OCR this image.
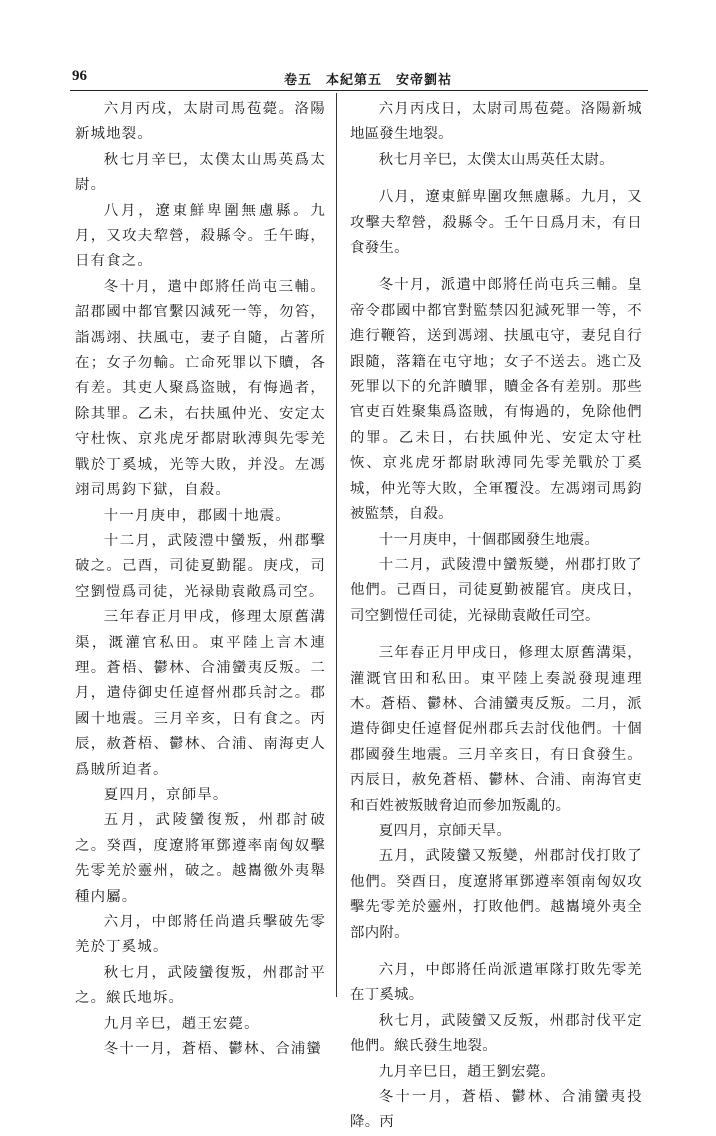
96	卷五　本紀第五　安帝劉祜

六月丙戌，太尉司馬苞薨。洛陽新城地裂。

秋七月辛巳，太僕太山馬英爲太尉。

八月，遼東鮮卑圍無慮縣。九月，又攻夫犂營，殺縣令。壬午晦，日有食之。

冬十月，遣中郎將任尚屯三輔。詔郡國中都官繫囚減死一等，勿笞，詣馮翊、扶風屯，妻子自隨，占著所在；女子勿輸。亡命死罪以下贖，各有差。其吏人聚爲盗賊，有悔過者，除其罪。乙未，右扶風仲光、安定太守杜恢、京兆虎牙都尉耿溥與先零羌戰於丁奚城，光等大敗，并没。左馮翊司馬鈞下獄，自殺。

十一月庚申，郡國十地震。

十二月，武陵澧中蠻叛，州郡擊破之。己酉，司徒夏勤罷。庚戌，司空劉愷爲司徒，光禄勛袁敞爲司空。

三年春正月甲戌，修理太原舊溝渠，溉灌官私田。東平陸上言木連理。蒼梧、鬱林、合浦蠻夷反叛。二月，遣侍御史任逴督州郡兵討之。郡國十地震。三月辛亥，日有食之。丙辰，赦蒼梧、鬱林、合浦、南海吏人爲賊所迫者。

夏四月，京師旱。

五月，武陵蠻復叛，州郡討破之。癸酉，度遼將軍鄧遵率南匈奴擊先零羌於靈州，破之。越巂徼外夷舉種内屬。

六月，中郎將任尚遣兵擊破先零羌於丁奚城。

秋七月，武陵蠻復叛，州郡討平之。緱氏地坼。

九月辛巳，趙王宏薨。

冬十一月，蒼梧、鬱林、合浦蠻

六月丙戌日，太尉司馬苞薨。洛陽新城地區發生地裂。

秋七月辛巳，太僕太山馬英任太尉。

八月，遼東鮮卑圍攻無慮縣。九月，又攻擊夫犂營，殺縣令。壬午日爲月末，有日食發生。

冬十月，派遣中郎將任尚屯兵三輔。皇帝令郡國中都官對監禁囚犯減死罪一等，不進行鞭笞，送到馮翊、扶風屯守，妻兒自行跟隨，落籍在屯守地；女子不送去。逃亡及死罪以下的允許贖罪，贖金各有差别。那些官吏百姓聚集爲盗賊，有悔過的，免除他們的罪。乙未日，右扶風仲光、安定太守杜恢、京兆虎牙都尉耿溥同先零羌戰於丁奚城，仲光等大敗，全軍覆没。左馮翊司馬鈞被監禁，自殺。

十一月庚申，十個郡國發生地震。

十二月，武陵澧中蠻叛變，州郡打敗了他們。己酉日，司徒夏勤被罷官。庚戌日，司空劉愷任司徒，光禄勛袁敞任司空。

三年春正月甲戌日，修理太原舊溝渠，灌溉官田和私田。東平陸上奏説發現連理木。蒼梧、鬱林、合浦蠻夷反叛。二月，派遣侍御史任逴督促州郡兵去討伐他們。十個郡國發生地震。三月辛亥日，有日食發生。丙辰日，赦免蒼梧、鬱林、合浦、南海官吏和百姓被叛賊脅迫而參加叛亂的。

夏四月，京師天旱。

五月，武陵蠻又叛變，州郡討伐打敗了他們。癸酉日，度遼將軍鄧遵率領南匈奴攻擊先零羌於靈州，打敗他們。越巂境外夷全部内附。

六月，中郎將任尚派遣軍隊打敗先零羌在丁奚城。

秋七月，武陵蠻又反叛，州郡討伐平定他們。緱氏發生地裂。

九月辛巳日，趙王劉宏薨。

冬十一月，蒼梧、鬱林、合浦蠻夷投降。丙
